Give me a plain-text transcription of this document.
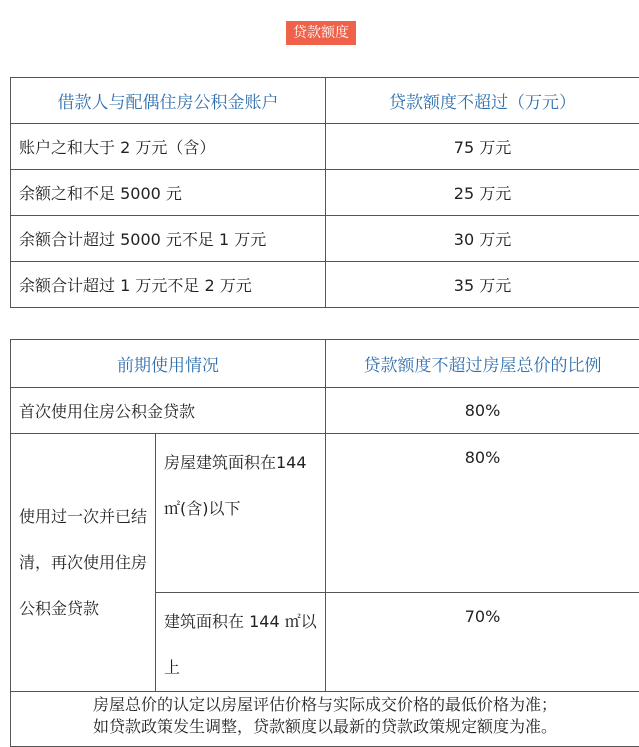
贷款额度
借款人与配偶住房公积金账户	贷款额度不超过（万元）
账户之和大于 2 万元（含）	75 万元
余额之和不足 5000 元	25 万元
余额合计超过 5000 元不足 1 万元	30 万元
余额合计超过 1 万元不足 2 万元	35 万元
前期使用情况		贷款额度不超过房屋总价的比例
首次使用住房公积金贷款		80%
使用过一次并已结清，再次使用住房公积金贷款	房屋建筑面积在144 ㎡(含)以下	80%
	建筑面积在 144 ㎡以上	70%

房屋总价的认定以房屋评估价格与实际成交价格的最低价格为准；
如贷款政策发生调整，贷款额度以最新的贷款政策规定额度为准。		
